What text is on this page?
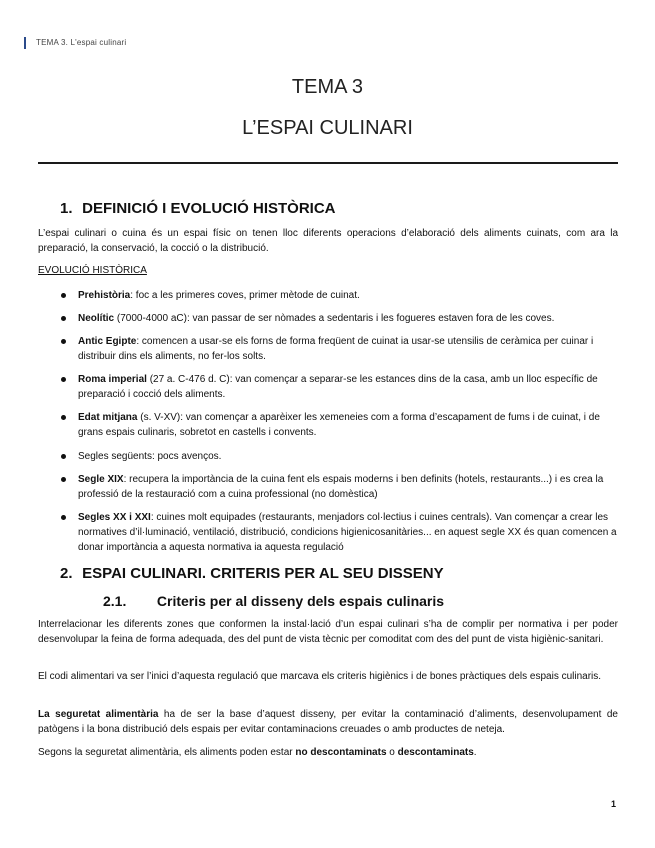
TEMA 3. L'espai culinari
TEMA 3
L’ESPAI CULINARI
1. DEFINICIÓ I EVOLUCIÓ HISTÒRICA

L’espai culinari o cuina és un espai físic on tenen lloc diferents operacions d’elaboració dels aliments cuinats, com ara la preparació, la conservació, la cocció o la distribució.

EVOLUCIÓ HISTÒRICA
Prehistòria: foc a les primeres coves, primer mètode de cuinat.
Neolític (7000-4000 aC): van passar de ser nòmades a sedentaris i les fogueres estaven fora de les coves.
Antic Egipte: comencen a usar-se els forns de forma freqüent de cuinat ia usar-se utensilis de ceràmica per cuinar i distribuir dins els aliments, no fer-los solts.
Roma imperial (27 a. C-476 d. C): van començar a separar-se les estances dins de la casa, amb un lloc específic de preparació i cocció dels aliments.
Edat mitjana (s. V-XV): van començar a aparèixer les xemeneies com a forma d’escapament de fums i de cuinat, i de grans espais culinaris, sobretot en castells i convents.
Segles següents: pocs avenços.
Segle XIX: recupera la importància de la cuina fent els espais moderns i ben definits (hotels, restaurants...) i es crea la professió de la restauració com a cuina professional (no domèstica)
Segles XX i XXI: cuines molt equipades (restaurants, menjadors col·lectius i cuines centrals). Van començar a crear les normatives d’il·luminació, ventilació, distribució, condicions higienicosanitàries... en aquest segle XX és quan comencen a donar importància a aquesta normativa ia aquesta regulació
2. ESPAI CULINARI. CRITERIS PER AL SEU DISSENY
2.1. Criteris per al disseny dels espais culinaris

Interrelacionar les diferents zones que conformen la instal·lació d’un espai culinari s’ha de complir per normativa i per poder desenvolupar la feina de forma adequada, des del punt de vista tècnic per comoditat com des del punt de vista higiènic-sanitari.

El codi alimentari va ser l’inici d’aquesta regulació que marcava els criteris higiènics i de bones pràctiques dels espais culinaris.

La seguretat alimentària ha de ser la base d’aquest disseny, per evitar la contaminació d’aliments, desenvolupament de patògens i la bona distribució dels espais per evitar contaminacions creuades o amb productes de neteja.

Segons la seguretat alimentària, els aliments poden estar no descontaminats o descontaminats.

1
